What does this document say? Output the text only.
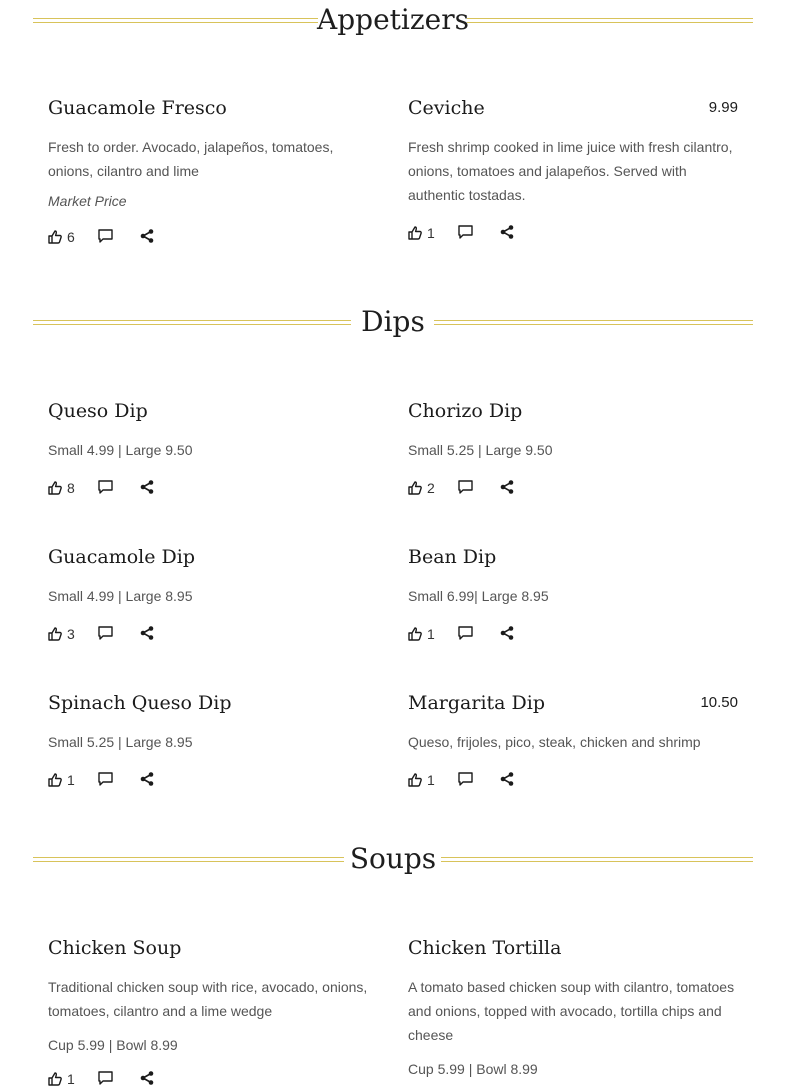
Appetizers
Guacamole Fresco
Fresh to order. Avocado, jalapeños, tomatoes, onions, cilantro and lime
Market Price
6
Ceviche	9.99
Fresh shrimp cooked in lime juice with fresh cilantro, onions, tomatoes and jalapeños. Served with authentic tostadas.
1
Dips
Queso Dip
Small 4.99 | Large 9.50
8
Chorizo Dip
Small 5.25 | Large 9.50
2
Guacamole Dip
Small 4.99 | Large 8.95
3
Bean Dip
Small 6.99| Large 8.95
1
Spinach Queso Dip
Small 5.25 | Large 8.95
1
Margarita Dip	10.50
Queso, frijoles, pico, steak, chicken and shrimp
1
Soups
Chicken Soup
Traditional chicken soup with rice, avocado, onions, tomatoes, cilantro and a lime wedge
Cup 5.99 | Bowl 8.99
1
Chicken Tortilla
A tomato based chicken soup with cilantro, tomatoes and onions, topped with avocado, tortilla chips and cheese
Cup 5.99 | Bowl 8.99
